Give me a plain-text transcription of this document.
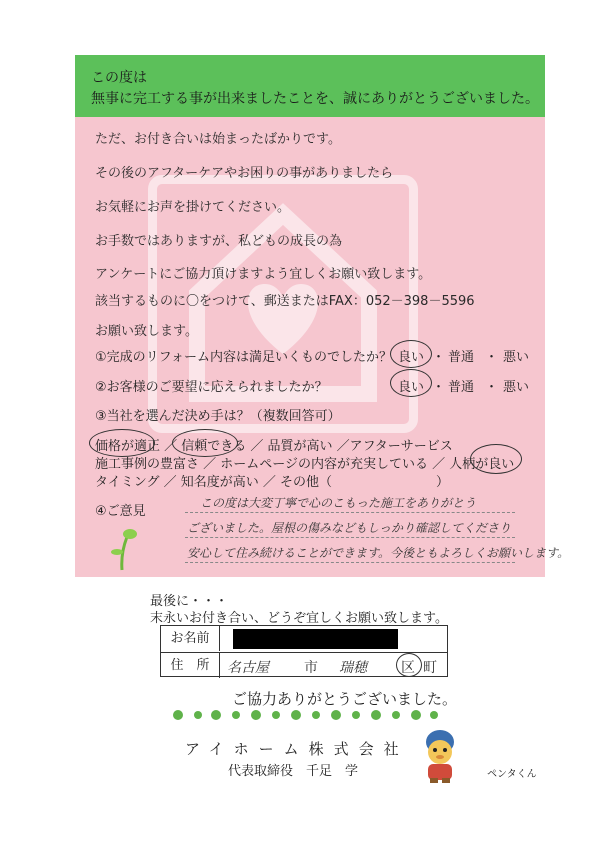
この度は
無事に完工する事が出来ましたことを、誠にありがとうございました。
ただ、お付き合いは始まったばかりです。
その後のアフターケアやお困りの事がありましたら
お気軽にお声を掛けてください。
お手数ではありますが、私どもの成長の為
アンケートにご協力頂けますよう宜しくお願い致します。
該当するものに〇をつけて、郵送またはFAX：052－398－5596
お願い致します。
①完成のリフォーム内容は満足いくものでしたか？ 良い ・ 普通 ・ 悪い
②お客様のご要望に応えられましたか？	良い ・ 普通 ・ 悪い
③当社を選んだ決め手は？（複数回答可）
価格が適正 ／ 信頼できる ／ 品質が高い ／アフターサービス
施工事例の豊富さ ／ ホームページの内容が充実している ／ 人柄が良い
タイミング ／ 知名度が高い ／ その他（　　　　　　　　）
④ご意見
この度は大変丁寧で心のこもった施工をありがとう
ございました。屋根の傷みなどもしっかり確認してくださり
安心して住み続けることができます。今後ともよろしくお願いします。
最後に・・・
末永いお付き合い、どうぞ宜しくお願い致します。
お名前
住　所	名古屋	市 瑞穂 区 町
ご協力ありがとうございました。
アイホーム株式会社
代表取締役　千足　学	ペンタくん
